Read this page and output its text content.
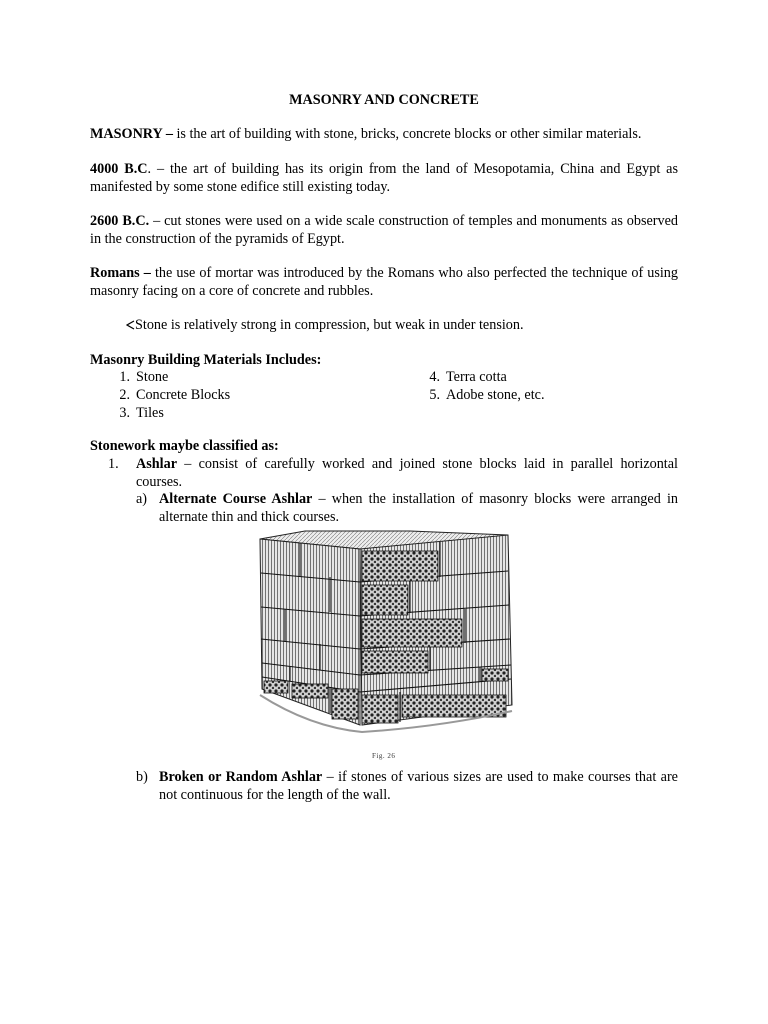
MASONRY AND CONCRETE
MASONRY – is the art of building with stone, bricks, concrete blocks or other similar materials.
4000 B.C. – the art of building has its origin from the land of Mesopotamia, China and Egypt as manifested by some stone edifice still existing today.
2600 B.C. – cut stones were used on a wide scale construction of temples and monuments as observed in the construction of the pyramids of Egypt.
Romans – the use of mortar was introduced by the Romans who also perfected the technique of using masonry facing on a core of concrete and rubbles.
Stone is relatively strong in compression, but weak in under tension.
Masonry Building Materials Includes:
1. Stone
2. Concrete Blocks
3. Tiles
4. Terra cotta
5. Adobe stone, etc.
Stonework maybe classified as:
1. Ashlar – consist of carefully worked and joined stone blocks laid in parallel horizontal courses.
a) Alternate Course Ashlar – when the installation of masonry blocks were arranged in alternate thin and thick courses.
Fig. 26
b) Broken or Random Ashlar – if stones of various sizes are used to make courses that are not continuous for the length of the wall.
